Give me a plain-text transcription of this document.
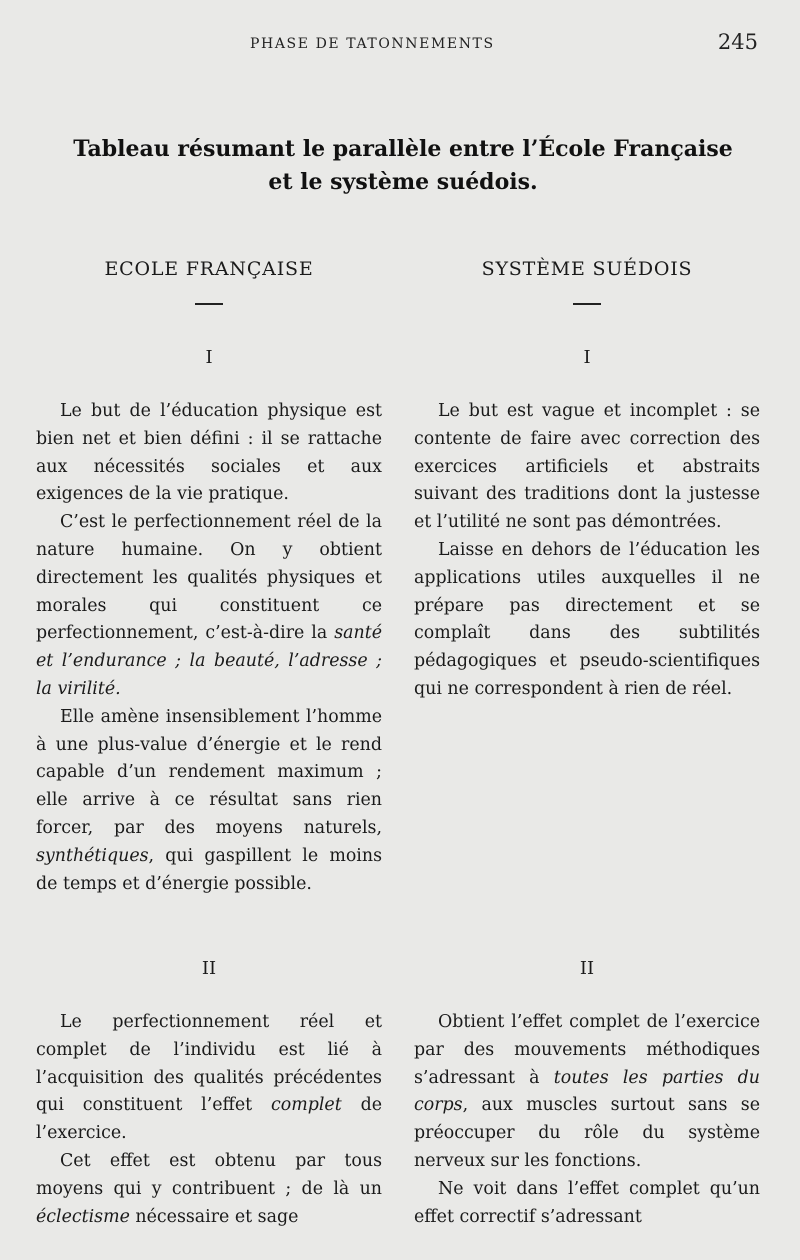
PHASE DE TATONNEMENTS	245
Tableau résumant le parallèle entre l’École Française
et le système suédois.
ECOLE FRANÇAISE
I

Le but de l’éducation physique est bien net et bien défini : il se rattache aux nécessités sociales et aux exigences de la vie pratique.

C’est le perfectionnement réel de la nature humaine. On y obtient directement les qualités physiques et morales qui constituent ce perfectionnement, c’est-à-dire la santé et l’endurance ; la beauté, l’adresse ; la virilité.

Elle amène insensiblement l’homme à une plus-value d’énergie et le rend capable d’un rendement maximum ; elle arrive à ce résultat sans rien forcer, par des moyens naturels, synthétiques, qui gaspillent le moins de temps et d’énergie possible.

II

Le perfectionnement réel et complet de l’individu est lié à l’acquisition des qualités précédentes qui constituent l’effet complet de l’exercice.

Cet effet est obtenu par tous moyens qui y contribuent ; de là un éclectisme nécessaire et sage

SYSTÈME SUÉDOIS
I

Le but est vague et incomplet : se contente de faire avec correction des exercices artificiels et abstraits suivant des traditions dont la justesse et l’utilité ne sont pas démontrées.

Laisse en dehors de l’éducation les applications utiles auxquelles il ne prépare pas directement et se complaît dans des subtilités pédagogiques et pseudo-scientifiques qui ne correspondent à rien de réel.

II

Obtient l’effet complet de l’exercice par des mouvements méthodiques s’adressant à toutes les parties du corps, aux muscles surtout sans se préoccuper du rôle du système nerveux sur les fonctions.

Ne voit dans l’effet complet qu’un effet correctif s’adressant
